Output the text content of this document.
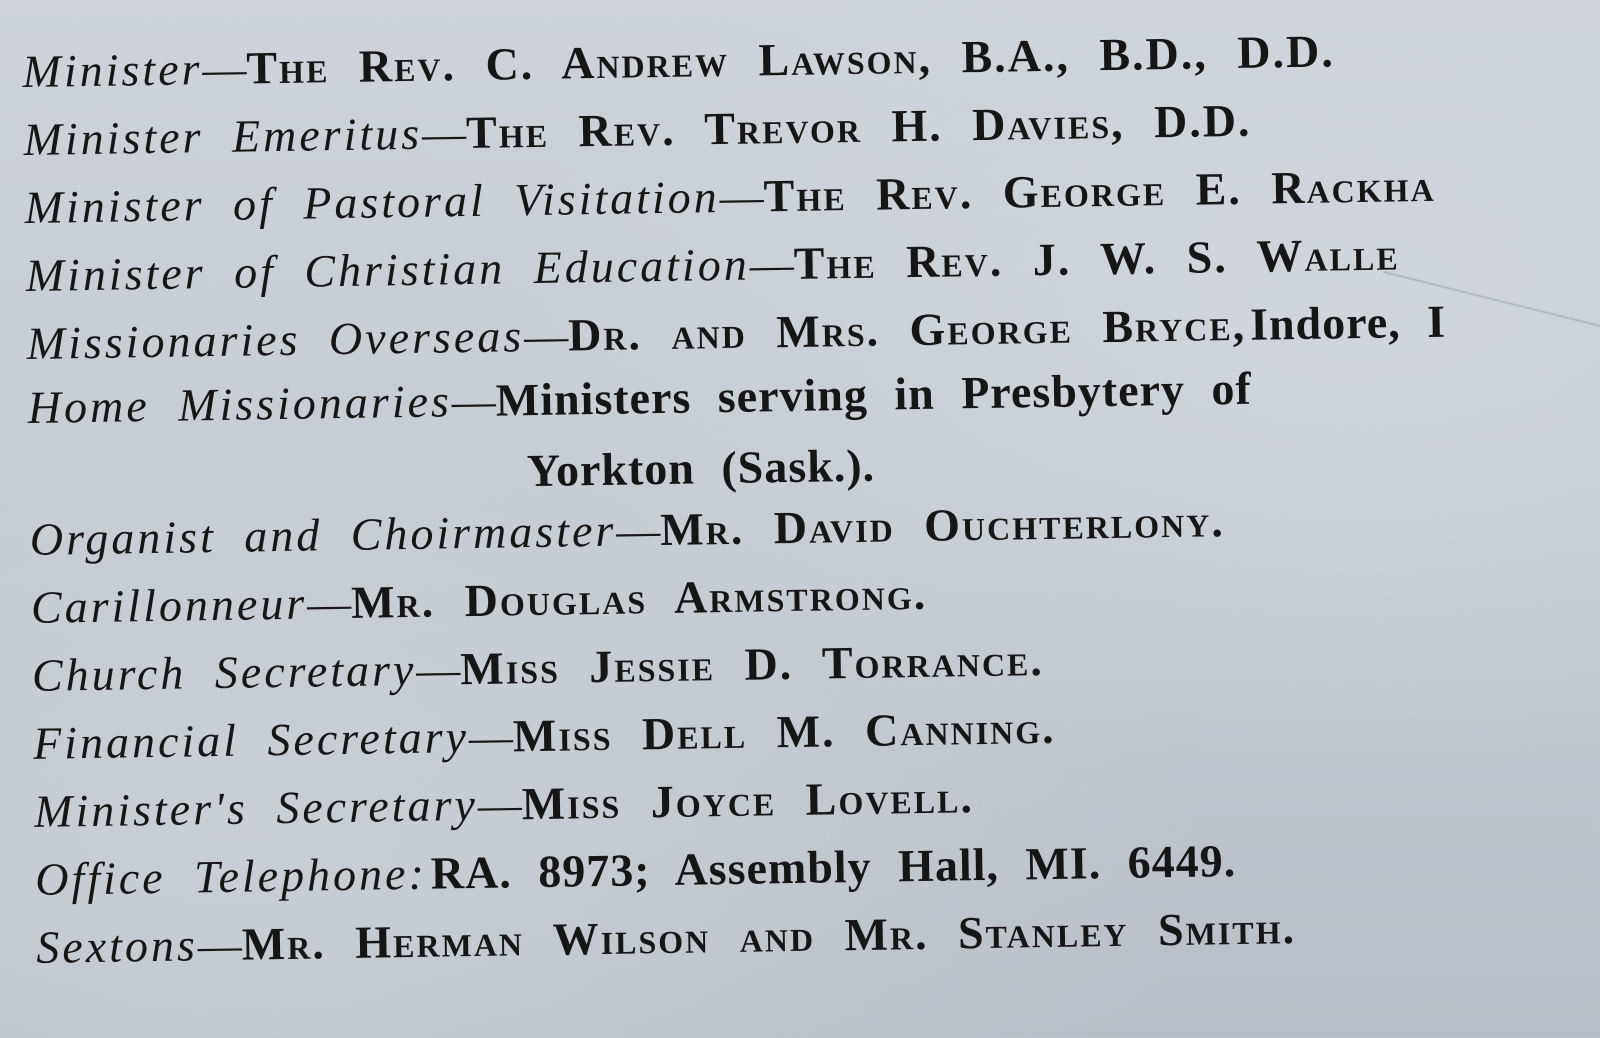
Minister—The Rev. C. Andrew Lawson, B.A., B.D., D.D.
Minister Emeritus—The Rev. Trevor H. Davies, D.D.
Minister of Pastoral Visitation—The Rev. George E. Rackha
Minister of Christian Education—The Rev. J. W. S. Walle
Missionaries Overseas—Dr. and Mrs. George Bryce, Indore, I
Home Missionaries—Ministers serving in Presbytery of
Yorkton (Sask.).
Organist and Choirmaster—Mr. David Ouchterlony.
Carillonneur—Mr. Douglas Armstrong.
Church Secretary—Miss Jessie D. Torrance.
Financial Secretary—Miss Dell M. Canning.
Minister's Secretary—Miss Joyce Lovell.
Office Telephone: RA. 8973; Assembly Hall, MI. 6449.
Sextons—Mr. Herman Wilson and Mr. Stanley Smith.
